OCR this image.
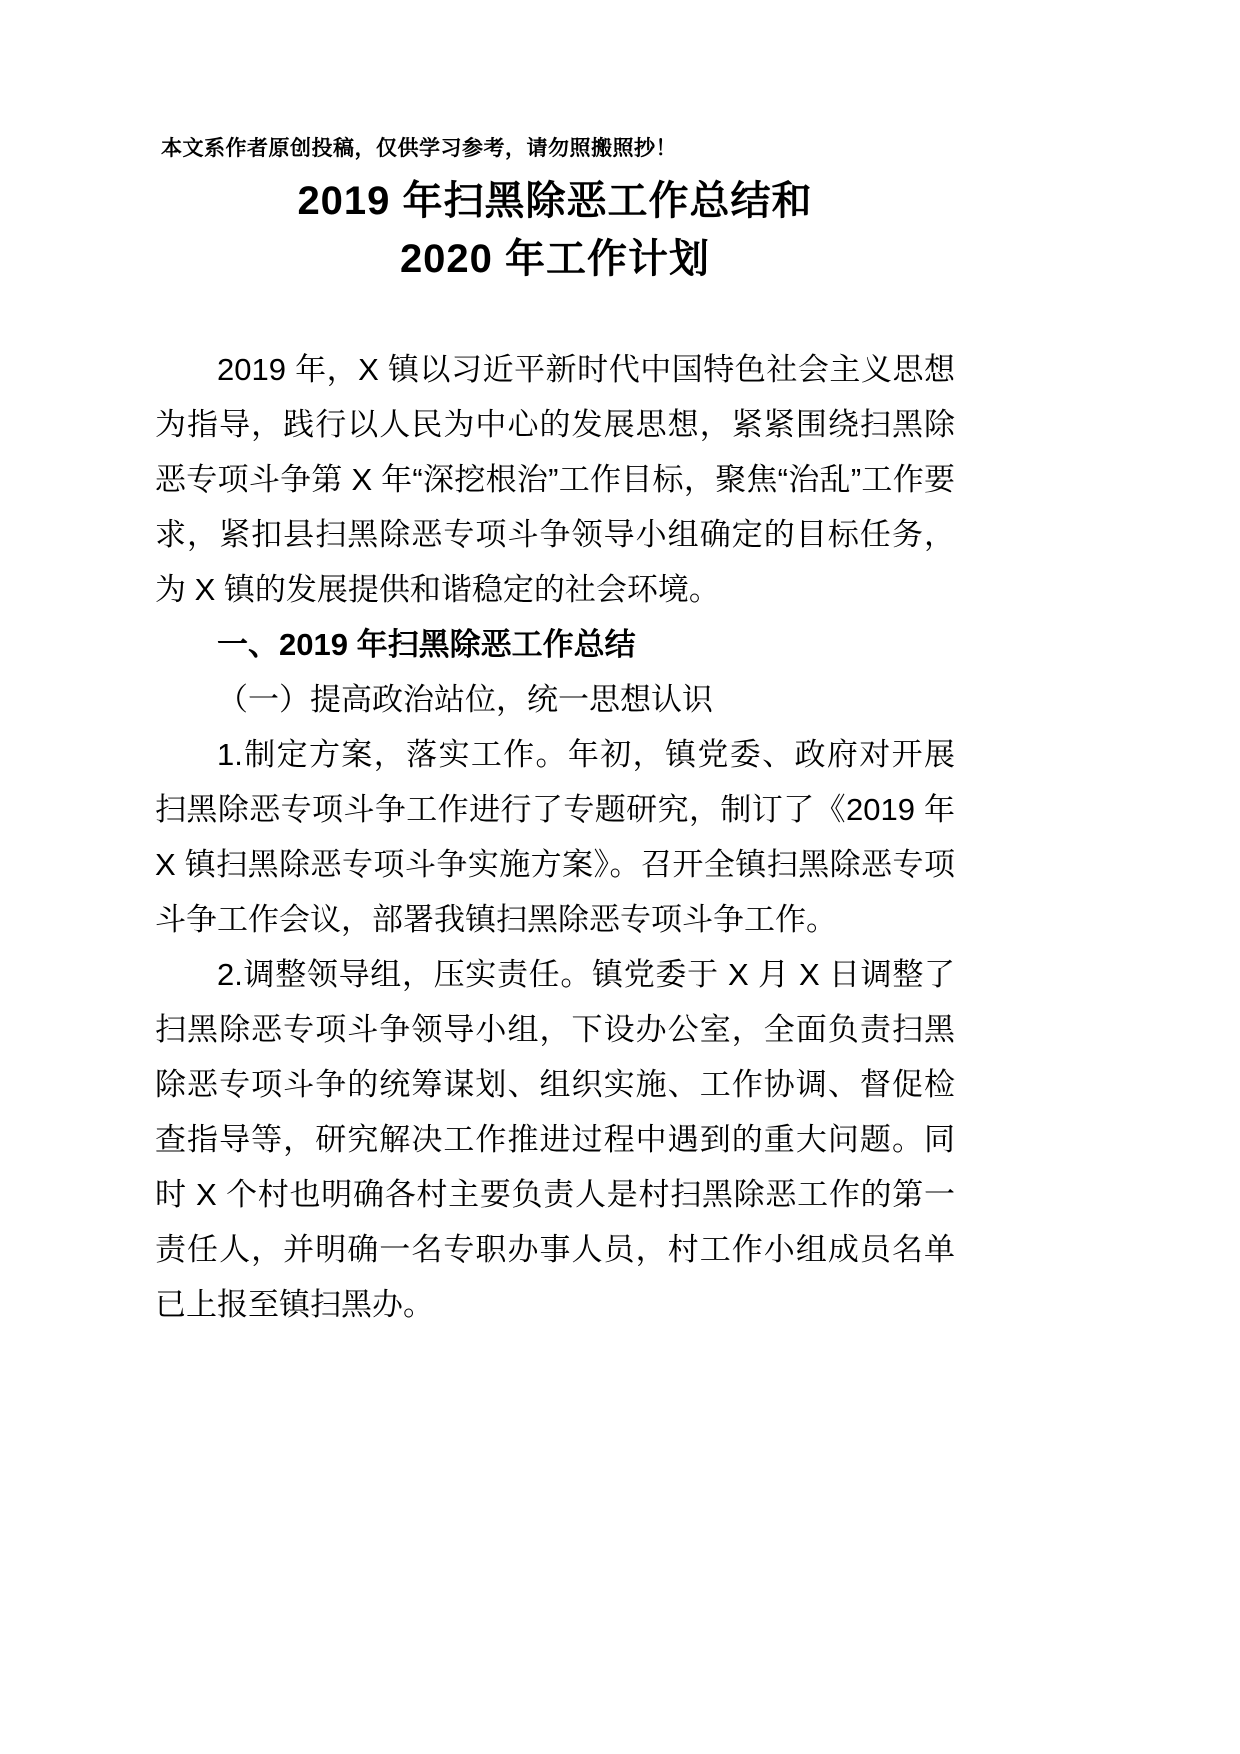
本文系作者原创投稿，仅供学习参考，请勿照搬照抄！
2019 年扫黑除恶工作总结和
2020 年工作计划

2019 年，X 镇以习近平新时代中国特色社会主义思想为指导，践行以人民为中心的发展思想，紧紧围绕扫黑除恶专项斗争第 X 年“深挖根治”工作目标，聚焦“治乱”工作要求，紧扣县扫黑除恶专项斗争领导小组确定的目标任务，为 X 镇的发展提供和谐稳定的社会环境。

一、2019 年扫黑除恶工作总结

（一）提高政治站位，统一思想认识

1.制定方案，落实工作。年初，镇党委、政府对开展扫黑除恶专项斗争工作进行了专题研究，制订了《2019 年 X 镇扫黑除恶专项斗争实施方案》。召开全镇扫黑除恶专项斗争工作会议，部署我镇扫黑除恶专项斗争工作。

2.调整领导组，压实责任。镇党委于 X 月 X 日调整了扫黑除恶专项斗争领导小组，下设办公室，全面负责扫黑除恶专项斗争的统筹谋划、组织实施、工作协调、督促检查指导等，研究解决工作推进过程中遇到的重大问题。同时 X 个村也明确各村主要负责人是村扫黑除恶工作的第一责任人，并明确一名专职办事人员，村工作小组成员名单已上报至镇扫黑办。
